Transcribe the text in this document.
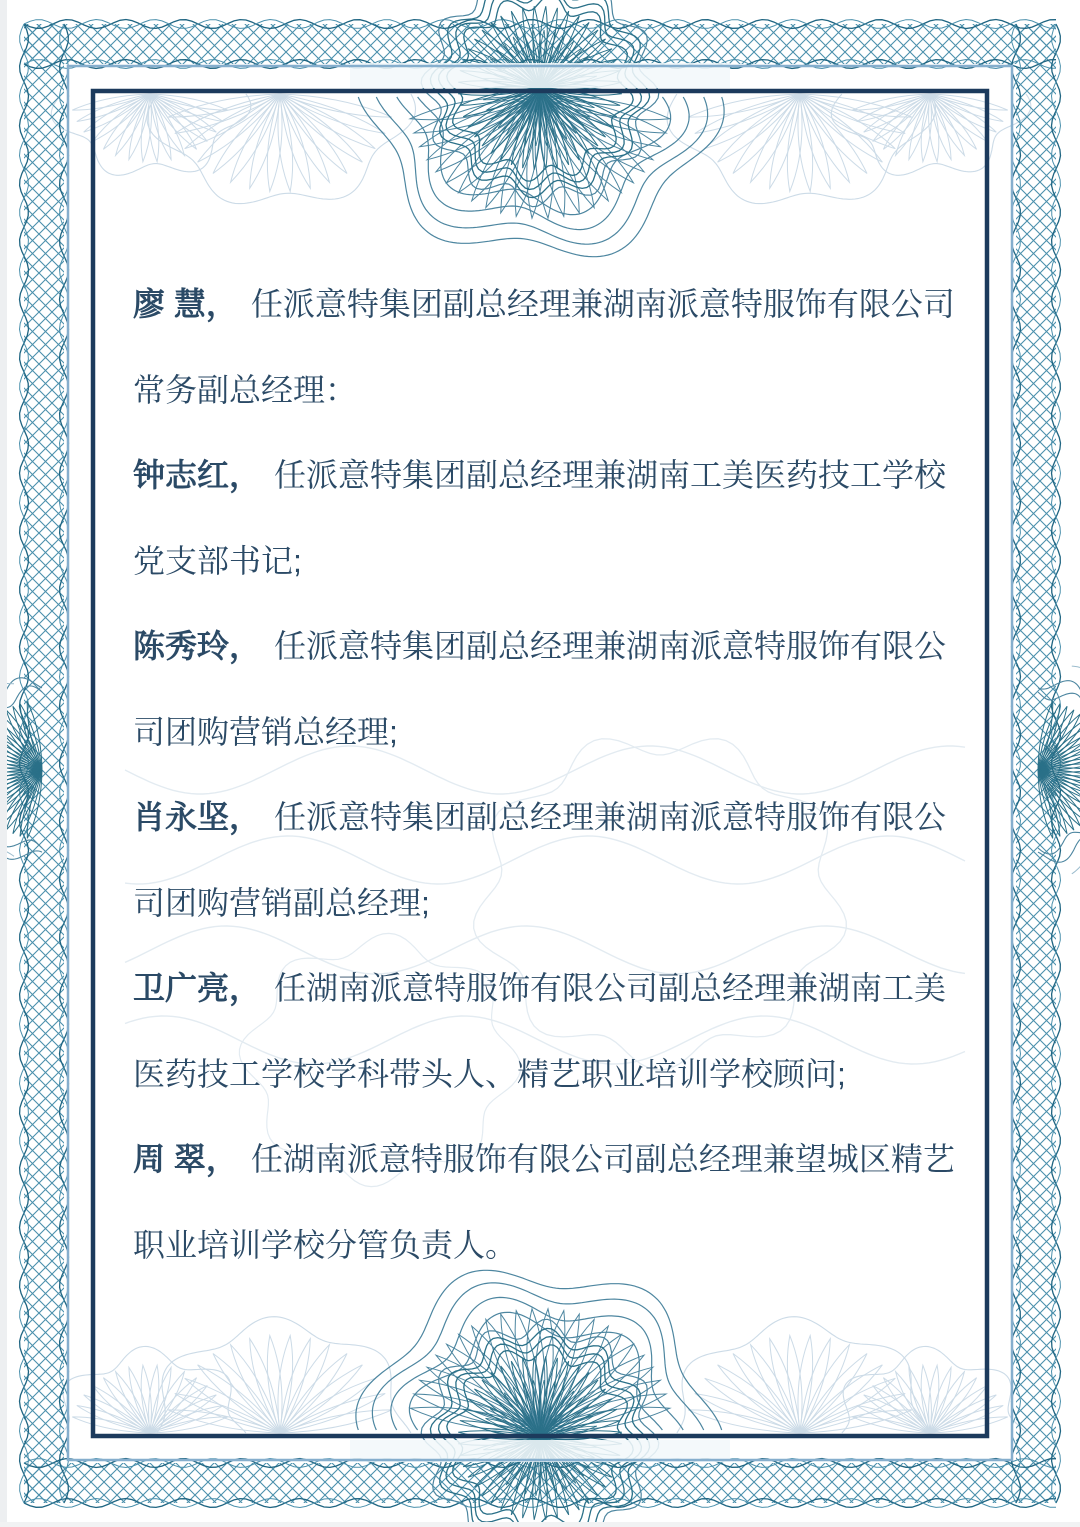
廖 慧， 任派意特集团副总经理兼湖南派意特服饰有限公司
常务副总经理：
钟志红， 任派意特集团副总经理兼湖南工美医药技工学校
党支部书记;
陈秀玲， 任派意特集团副总经理兼湖南派意特服饰有限公
司团购营销总经理;
肖永坚， 任派意特集团副总经理兼湖南派意特服饰有限公
司团购营销副总经理;
卫广亮， 任湖南派意特服饰有限公司副总经理兼湖南工美
医药技工学校学科带头人、精艺职业培训学校顾问;
周 翠， 任湖南派意特服饰有限公司副总经理兼望城区精艺
职业培训学校分管负责人。
